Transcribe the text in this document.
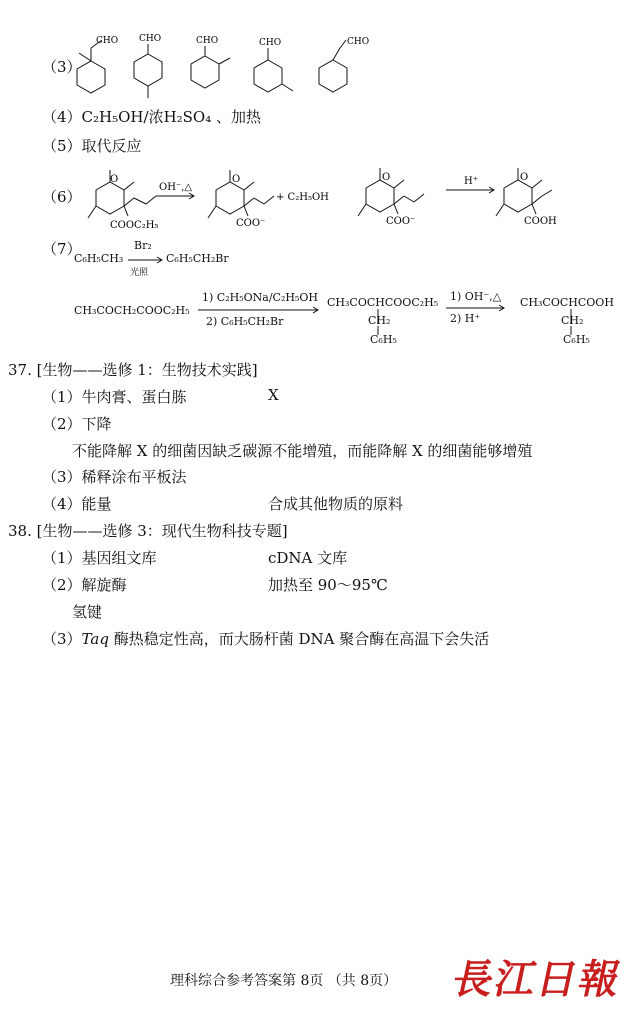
（3）
CHO CHO	CHO	CHO	CHO
（4）C₂H₅OH/浓H₂SO₄ 、加热
（5）取代反应
（6）
O
COOC₂H₅
OH⁻,△
O
COO⁻
+ C₂H₅OH
O
COO⁻
H⁺	O
COOH
（7）
C₆H₅CH₃
Br₂
光照
C₆H₅CH₂Br
CH₃COCH₂COOC₂H₅
1) C₂H₅ONa/C₂H₅OH
2) C₆H₅CH₂Br
CH₃COCHCOOC₂H₅
CH₂
C₆H₅
1) OH⁻,△
2) H⁺
CH₃COCHCOOH
CH₂
C₆H₅
37. [生物——选修 1：生物技术实践]
（1）牛肉膏、蛋白胨	X
（2）下降
不能降解 X 的细菌因缺乏碳源不能增殖，而能降解 X 的细菌能够增殖
（3）稀释涂布平板法
（4）能量	合成其他物质的原料
38. [生物——选修 3：现代生物科技专题]
（1）基因组文库	cDNA 文库
（2）解旋酶	加热至 90～95℃
氢键
（3）Taq 酶热稳定性高，而大肠杆菌 DNA 聚合酶在高温下会失活
理科综合参考答案第 8页 （共 8页） 長江日報
